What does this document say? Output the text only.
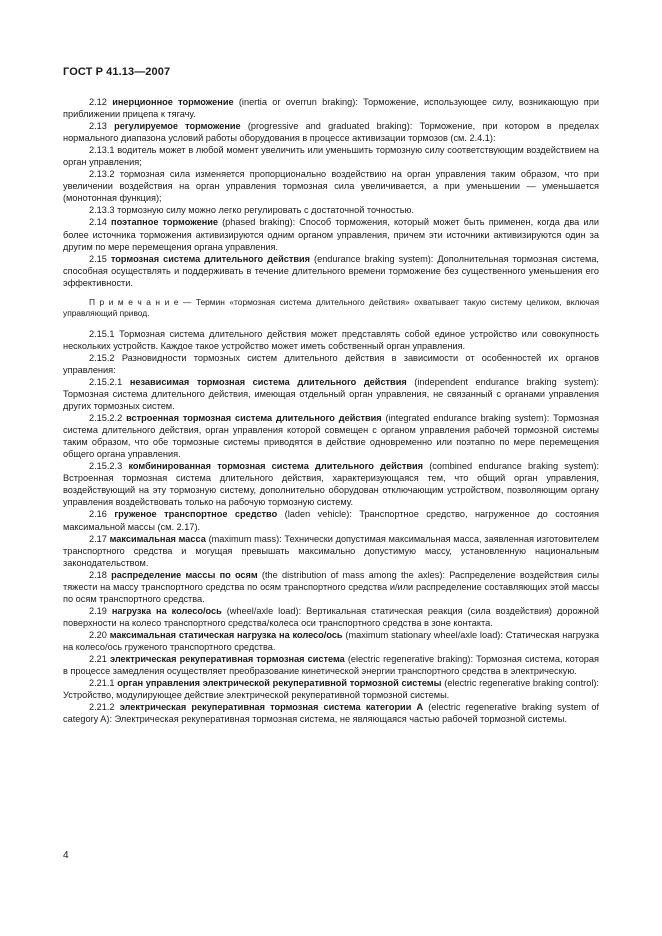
ГОСТ Р 41.13—2007

2.12 инерционное торможение (inertia or overrun braking): Торможение, использующее силу, возникающую при приближении прицепа к тягачу.

2.13 регулируемое торможение (progressive and graduated braking): Торможение, при котором в пределах нормального диапазона условий работы оборудования в процессе активизации тормозов (см. 2.4.1):

2.13.1 водитель может в любой момент увеличить или уменьшить тормозную силу соответствующим воздействием на орган управления;

2.13.2 тормозная сила изменяется пропорционально воздействию на орган управления таким образом, что при увеличении воздействия на орган управления тормозная сила увеличивается, а при уменьшении — уменьшается (монотонная функция);

2.13.3 тормозную силу можно легко регулировать с достаточной точностью.

2.14 поэтапное торможение (phased braking): Способ торможения, который может быть применен, когда два или более источника торможения активизируются одним органом управления, причем эти источники активизируются один за другим по мере перемещения органа управления.

2.15 тормозная система длительного действия (endurance braking system): Дополнительная тормозная система, способная осуществлять и поддерживать в течение длительного времени торможение без существенного уменьшения его эффективности.

П р и м е ч а н и е — Термин «тормозная система длительного действия» охватывает такую систему целиком, включая управляющий привод.

2.15.1 Тормозная система длительного действия может представлять собой единое устройство или совокупность нескольких устройств. Каждое такое устройство может иметь собственный орган управления.

2.15.2 Разновидности тормозных систем длительного действия в зависимости от особенностей их органов управления:

2.15.2.1 независимая тормозная система длительного действия (independent endurance braking system): Тормозная система длительного действия, имеющая отдельный орган управления, не связанный с органами управления других тормозных систем.

2.15.2.2 встроенная тормозная система длительного действия (integrated endurance braking system): Тормозная система длительного действия, орган управления которой совмещен с органом управления рабочей тормозной системы таким образом, что обе тормозные системы приводятся в действие одновременно или поэтапно по мере перемещения общего органа управления.

2.15.2.3 комбинированная тормозная система длительного действия (combined endurance braking system): Встроенная тормозная система длительного действия, характеризующаяся тем, что общий орган управления, воздействующий на эту тормозную систему, дополнительно оборудован отключающим устройством, позволяющим органу управления воздействовать только на рабочую тормозную систему.

2.16 груженое транспортное средство (laden vehicle): Транспортное средство, нагруженное до состояния максимальной массы (см. 2.17).

2.17 максимальная масса (maximum mass): Технически допустимая максимальная масса, заявленная изготовителем транспортного средства и могущая превышать максимально допустимую массу, установленную национальным законодательством.

2.18 распределение массы по осям (the distribution of mass among the axles): Распределение воздействия силы тяжести на массу транспортного средства по осям транспортного средства и/или распределение составляющих этой массы по осям транспортного средства.

2.19 нагрузка на колесо/ось (wheel/axle load): Вертикальная статическая реакция (сила воздействия) дорожной поверхности на колесо транспортного средства/колеса оси транспортного средства в зоне контакта.

2.20 максимальная статическая нагрузка на колесо/ось (maximum stationary wheel/axle load): Статическая нагрузка на колесо/ось груженого транспортного средства.

2.21 электрическая рекуперативная тормозная система (electric regenerative braking): Тормозная система, которая в процессе замедления осуществляет преобразование кинетической энергии транспортного средства в электрическую.

2.21.1 орган управления электрической рекуперативной тормозной системы (electric regenerative braking control): Устройство, модулирующее действие электрической рекуперативной тормозной системы.

2.21.2 электрическая рекуперативная тормозная система категории A (electric regenerative braking system of category A): Электрическая рекуперативная тормозная система, не являющаяся частью рабочей тормозной системы.

4
